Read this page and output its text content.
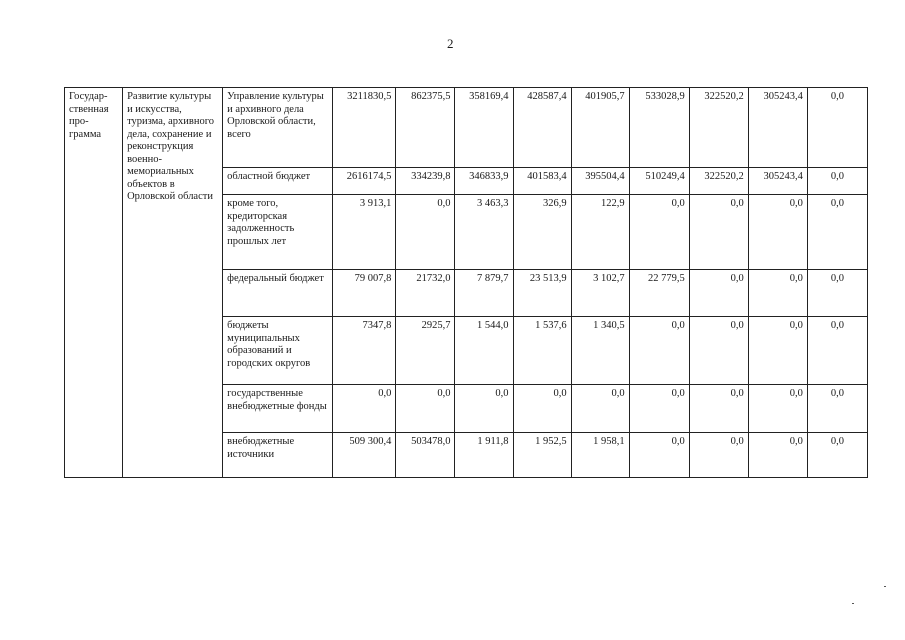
2
Государ-ственная про-грамма	Развитие культуры и искусства, туризма, архивного дела, сохранение и реконструкция военно-мемориальных объектов в Орловской области	Управление культуры и архивного дела Орловской области, всего	3211830,5	862375,5	358169,4	428587,4	401905,7	533028,9	322520,2	305243,4	0,0
		областной бюджет	2616174,5	334239,8	346833,9	401583,4	395504,4	510249,4	322520,2	305243,4	0,0
		кроме того, кредиторская задолженность прошлых лет	3 913,1	0,0	3 463,3	326,9	122,9	0,0	0,0	0,0	0,0
		федеральный бюджет	79 007,8	21732,0	7 879,7	23 513,9	3 102,7	22 779,5	0,0	0,0	0,0
		бюджеты муниципальных образований и городских округов	7347,8	2925,7	1 544,0	1 537,6	1 340,5	0,0	0,0	0,0	0,0
		государственные внебюджетные фонды	0,0	0,0	0,0	0,0	0,0	0,0	0,0	0,0	0,0
		внебюджетные источники	509 300,4	503478,0	1 911,8	1 952,5	1 958,1	0,0	0,0	0,0	0,0
